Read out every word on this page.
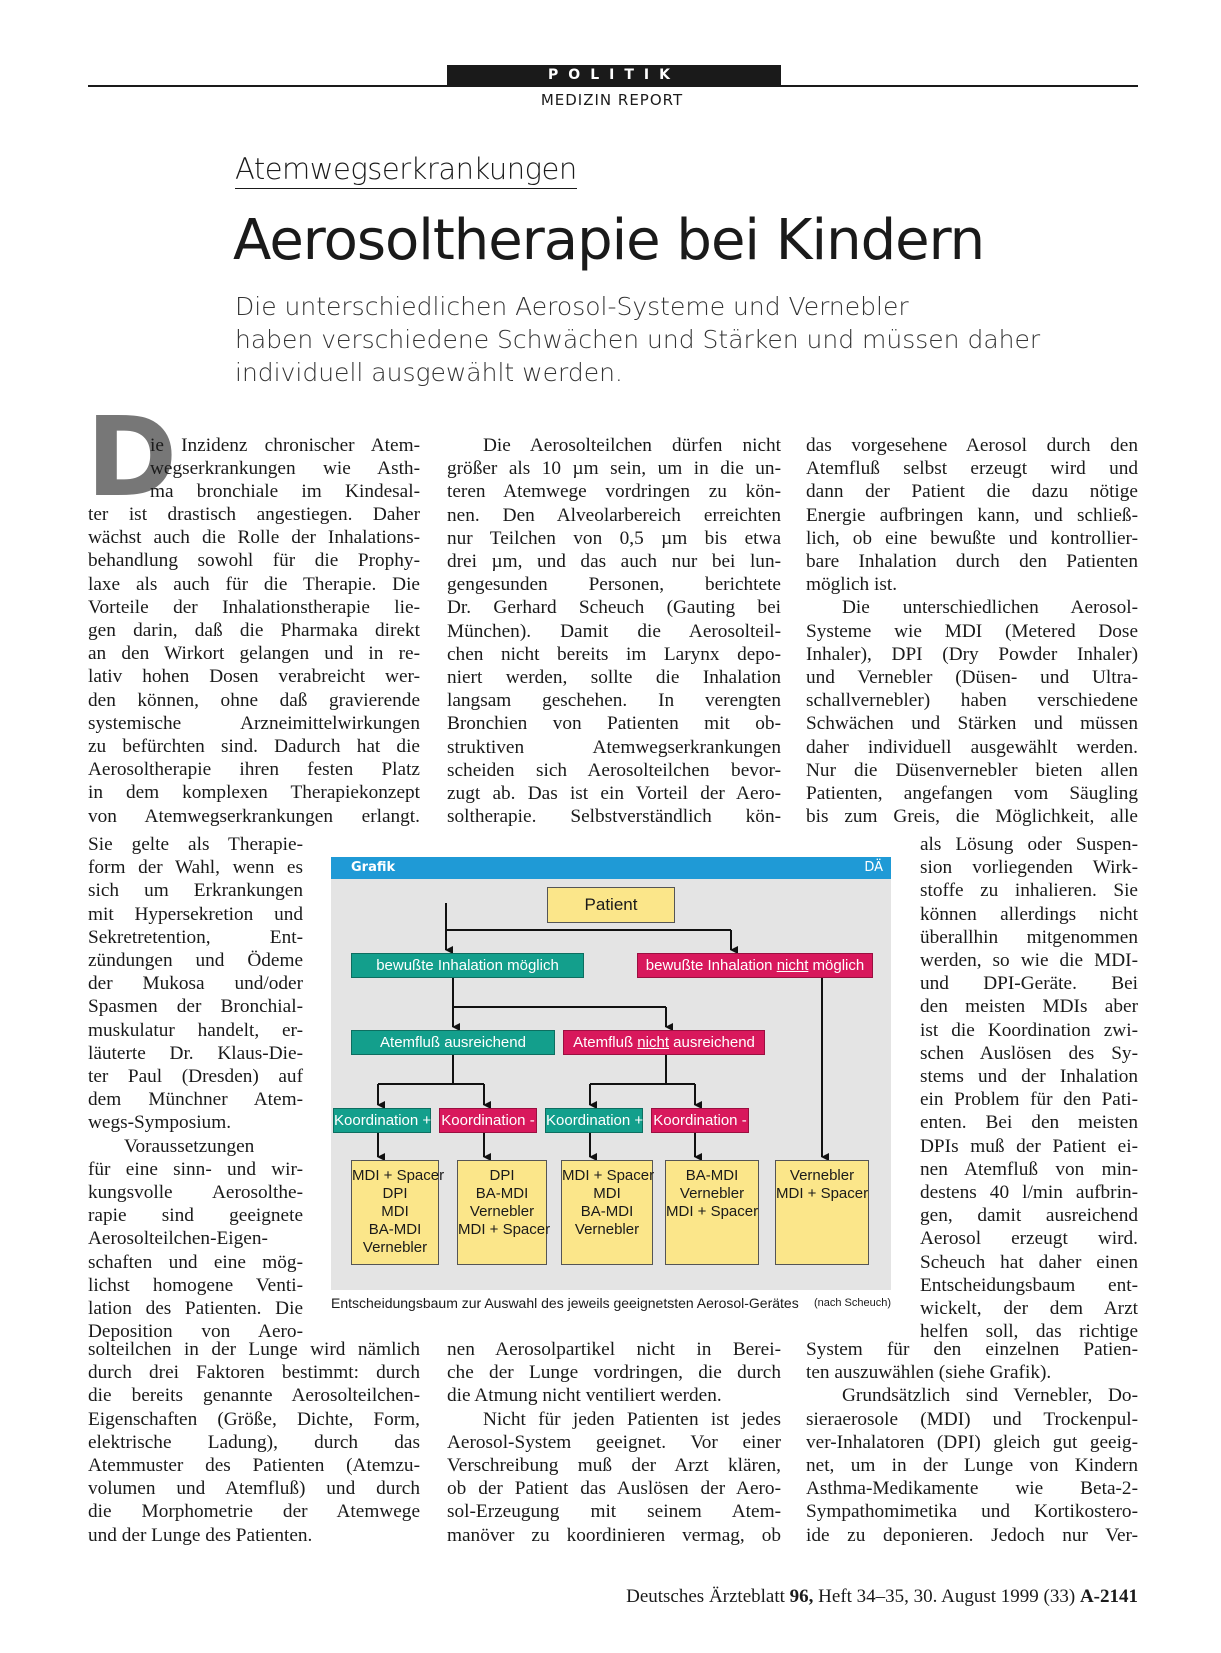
POLITIK
MEDIZIN REPORT
Atemwegserkrankungen
Aerosoltherapie bei Kindern
Die unterschiedlichen Aerosol-Systeme und Vernebler
haben verschiedene Schwächen und Stärken und müssen daher
individuell ausgewählt werden.
D
ie Inzidenz chronischer Atem-
wegserkrankungen wie Asth-
ma bronchiale im Kindesal-
ter ist drastisch angestiegen. Daher
wächst auch die Rolle der Inhalations-
behandlung sowohl für die Prophy-
laxe als auch für die Therapie. Die
Vorteile der Inhalationstherapie lie-
gen darin, daß die Pharmaka direkt
an den Wirkort gelangen und in re-
lativ hohen Dosen verabreicht wer-
den können, ohne daß gravierende
systemische Arzneimittelwirkungen
zu befürchten sind. Dadurch hat die
Aerosoltherapie ihren festen Platz
in dem komplexen Therapiekonzept
von Atemwegserkrankungen erlangt.
Sie gelte als Therapie-
form der Wahl, wenn es
sich um Erkrankungen
mit Hypersekretion und
Sekretretention, Ent-
zündungen und Ödeme
der Mukosa und/oder
Spasmen der Bronchial-
muskulatur handelt, er-
läuterte Dr. Klaus-Die-
ter Paul (Dresden) auf
dem Münchner Atem-
wegs-Symposium.
Voraussetzungen
für eine sinn- und wir-
kungsvolle Aerosolthe-
rapie sind geeignete
Aerosolteilchen-Eigen-
schaften und eine mög-
lichst homogene Venti-
lation des Patienten. Die
Deposition von Aero-
solteilchen in der Lunge wird nämlich
durch drei Faktoren bestimmt: durch
die bereits genannte Aerosolteilchen-
Eigenschaften (Größe, Dichte, Form,
elektrische Ladung), durch das
Atemmuster des Patienten (Atemzu-
volumen und Atemfluß) und durch
die Morphometrie der Atemwege
und der Lunge des Patienten.
Die Aerosolteilchen dürfen nicht
größer als 10 µm sein, um in die un-
teren Atemwege vordringen zu kön-
nen. Den Alveolarbereich erreichten
nur Teilchen von 0,5 µm bis etwa
drei µm, und das auch nur bei lun-
gengesunden Personen, berichtete
Dr. Gerhard Scheuch (Gauting bei
München). Damit die Aerosolteil-
chen nicht bereits im Larynx depo-
niert werden, sollte die Inhalation
langsam geschehen. In verengten
Bronchien von Patienten mit ob-
struktiven Atemwegserkrankungen
scheiden sich Aerosolteilchen bevor-
zugt ab. Das ist ein Vorteil der Aero-
soltherapie. Selbstverständlich kön-
nen Aerosolpartikel nicht in Berei-
che der Lunge vordringen, die durch
die Atmung nicht ventiliert werden.
Nicht für jeden Patienten ist jedes
Aerosol-System geeignet. Vor einer
Verschreibung muß der Arzt klären,
ob der Patient das Auslösen der Aero-
sol-Erzeugung mit seinem Atem-
manöver zu koordinieren vermag, ob
das vorgesehene Aerosol durch den
Atemfluß selbst erzeugt wird und
dann der Patient die dazu nötige
Energie aufbringen kann, und schließ-
lich, ob eine bewußte und kontrollier-
bare Inhalation durch den Patienten
möglich ist.
Die unterschiedlichen Aerosol-
Systeme wie MDI (Metered Dose
Inhaler), DPI (Dry Powder Inhaler)
und Vernebler (Düsen- und Ultra-
schallvernebler) haben verschiedene
Schwächen und Stärken und müssen
daher individuell ausgewählt werden.
Nur die Düsenvernebler bieten allen
Patienten, angefangen vom Säugling
bis zum Greis, die Möglichkeit, alle
als Lösung oder Suspen-
sion vorliegenden Wirk-
stoffe zu inhalieren. Sie
können allerdings nicht
überallhin mitgenommen
werden, so wie die MDI-
und DPI-Geräte. Bei
den meisten MDIs aber
ist die Koordination zwi-
schen Auslösen des Sy-
stems und der Inhalation
ein Problem für den Pati-
enten. Bei den meisten
DPIs muß der Patient ei-
nen Atemfluß von min-
destens 40 l/min aufbrin-
gen, damit ausreichend
Aerosol erzeugt wird.
Scheuch hat daher einen
Entscheidungsbaum ent-
wickelt, der dem Arzt
helfen soll, das richtige
System für den einzelnen Patien-
ten auszuwählen (siehe Grafik).
Grundsätzlich sind Vernebler, Do-
sieraerosole (MDI) und Trockenpul-
ver-Inhalatoren (DPI) gleich gut geeig-
net, um in der Lunge von Kindern
Asthma-Medikamente wie Beta-2-
Sympathomimetika und Kortikostero-
ide zu deponieren. Jedoch nur Ver-
Patient
bewußte Inhalation möglich	bewußte Inhalation nicht möglich
Atemfluß ausreichend	Atemfluß nicht ausreichend
Koordination + Koordination - Koordination + Koordination -
MDI + Spacer
DPI
MDI
BA-MDI
Vernebler
DPI
BA-MDI
Vernebler
MDI + Spacer
MDI + Spacer
MDI
BA-MDI
Vernebler
BA-MDI
Vernebler
MDI + Spacer
Vernebler
MDI + Spacer
Grafik	DÄ
Entscheidungsbaum zur Auswahl des jeweils geeignetsten Aerosol-Gerätes (nach Scheuch)
Deutsches Ärzteblatt 96, Heft 34–35, 30. August 1999 (33) A-2141
